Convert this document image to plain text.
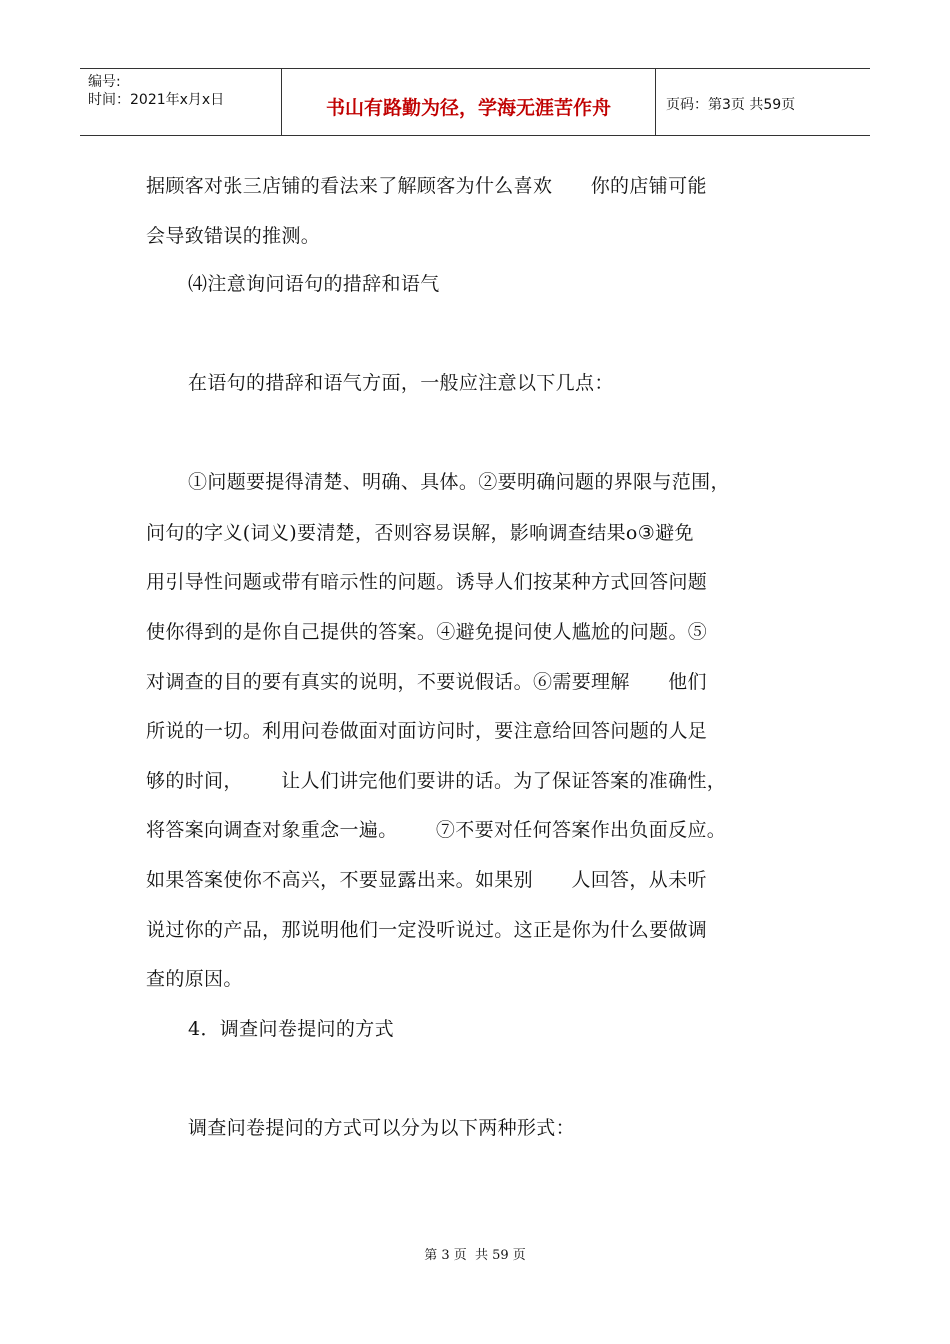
编号:
时间：2021年x月x日	书山有路勤为径，学海无涯苦作舟	页码：第3页 共59页
据顾客对张三店铺的看法来了解顾客为什么喜欢      你的店铺可能
会导致错误的推测。
⑷注意询问语句的措辞和语气
在语句的措辞和语气方面，一般应注意以下几点：
①问题要提得清楚、明确、具体。②要明确问题的界限与范围，
问句的字义(词义)要清楚，否则容易误解，影响调查结果o③避免
用引导性问题或带有暗示性的问题。诱导人们按某种方式回答问题
使你得到的是你自己提供的答案。④避免提问使人尴尬的问题。⑤
对调查的目的要有真实的说明，不要说假话。⑥需要理解      他们
所说的一切。利用问卷做面对面访问时，要注意给回答问题的人足
够的时间，      让人们讲完他们要讲的话。为了保证答案的准确性，
将答案向调查对象重念一遍。      ⑦不要对任何答案作出负面反应。
如果答案使你不高兴，不要显露出来。如果别      人回答，从未听
说过你的产品，那说明他们一定没听说过。这正是你为什么要做调
查的原因。
4．调查问卷提问的方式
调查问卷提问的方式可以分为以下两种形式：
第 3 页  共 59 页
